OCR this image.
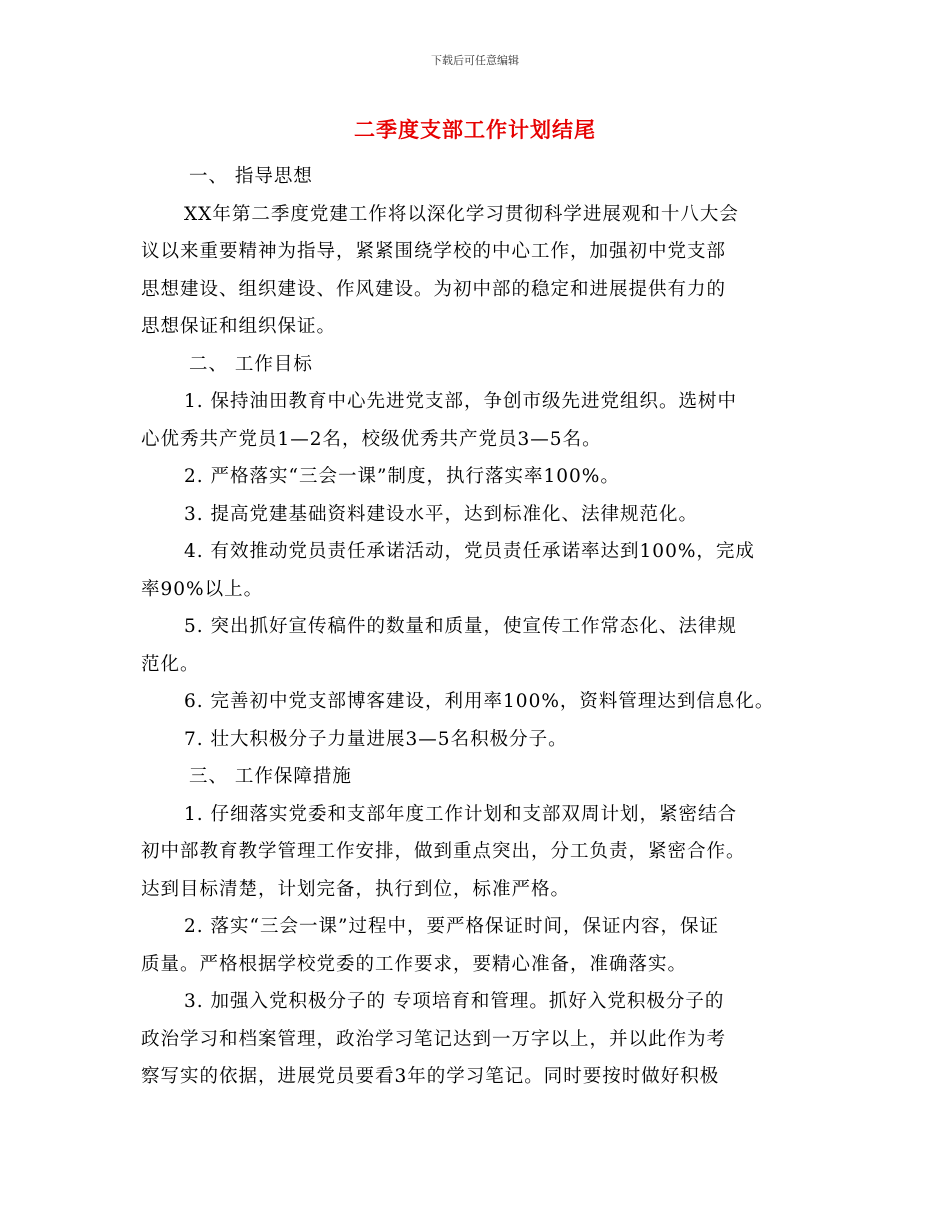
下载后可任意编辑
二季度支部工作计划结尾

一、 指导思想

XX年第二季度党建工作将以深化学习贯彻科学进展观和十八大会

议以来重要精神为指导，紧紧围绕学校的中心工作，加强初中党支部

思想建设、组织建设、作风建设。为初中部的稳定和进展提供有力的

思想保证和组织保证。

二、 工作目标

1. 保持油田教育中心先进党支部，争创市级先进党组织。选树中

心优秀共产党员1—2名，校级优秀共产党员3—5名。

2. 严格落实“三会一课”制度，执行落实率100%。

3. 提高党建基础资料建设水平，达到标准化、法律规范化。

4. 有效推动党员责任承诺活动，党员责任承诺率达到100%，完成

率90%以上。

5. 突出抓好宣传稿件的数量和质量，使宣传工作常态化、法律规

范化。

6. 完善初中党支部博客建设，利用率100%，资料管理达到信息化。

7. 壮大积极分子力量进展3—5名积极分子。

三、 工作保障措施

1. 仔细落实党委和支部年度工作计划和支部双周计划，紧密结合

初中部教育教学管理工作安排，做到重点突出，分工负责，紧密合作。

达到目标清楚，计划完备，执行到位，标准严格。

2. 落实“三会一课”过程中，要严格保证时间，保证内容，保证

质量。严格根据学校党委的工作要求，要精心准备，准确落实。

3. 加强入党积极分子的 专项培育和管理。抓好入党积极分子的

政治学习和档案管理，政治学习笔记达到一万字以上，并以此作为考

察写实的依据，进展党员要看3年的学习笔记。同时要按时做好积极
